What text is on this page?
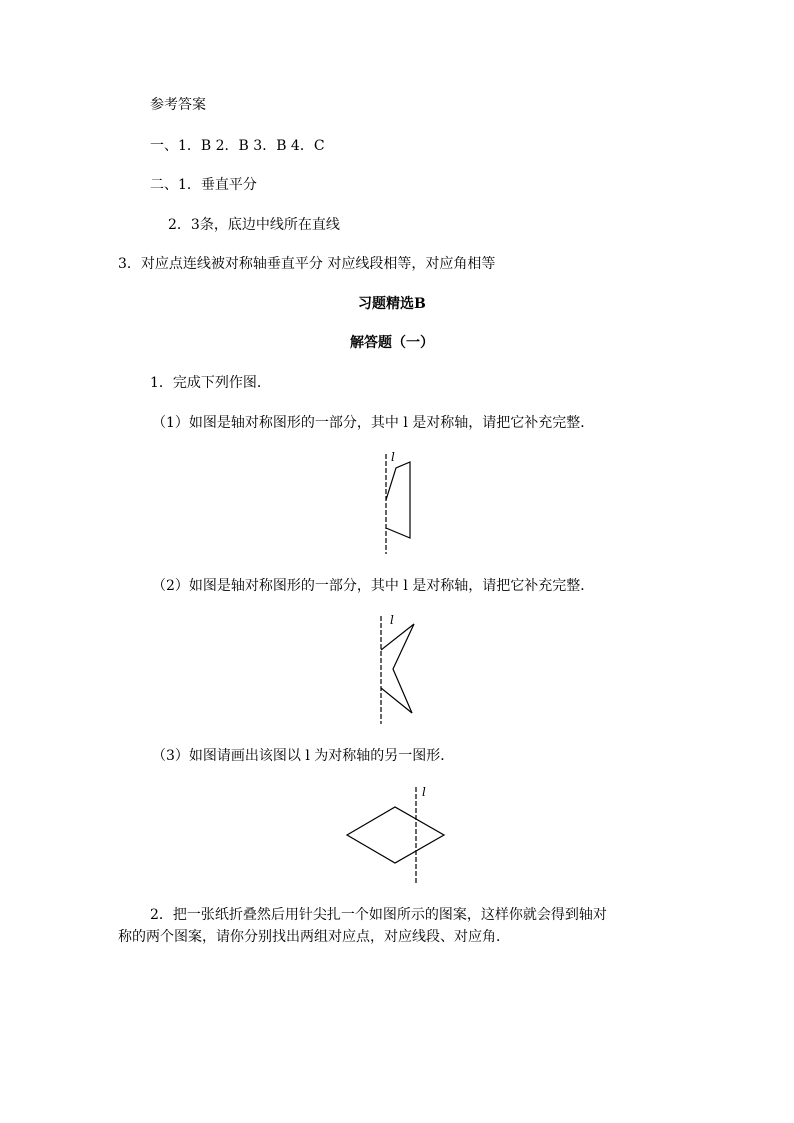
参考答案
一、1．B 2．B 3．B 4．C
二、1．垂直平分
2．3条，底边中线所在直线
3．对应点连线被对称轴垂直平分 对应线段相等，对应角相等
习题精选B
解答题（一）
1．完成下列作图．
（1）如图是轴对称图形的一部分，其中 l 是对称轴，请把它补充完整．
l
（2）如图是轴对称图形的一部分，其中 l 是对称轴，请把它补充完整．
l
（3）如图请画出该图以 l 为对称轴的另一图形．
l
2．把一张纸折叠然后用针尖扎一个如图所示的图案，这样你就会得到轴对
称的两个图案，请你分别找出两组对应点，对应线段、对应角．
